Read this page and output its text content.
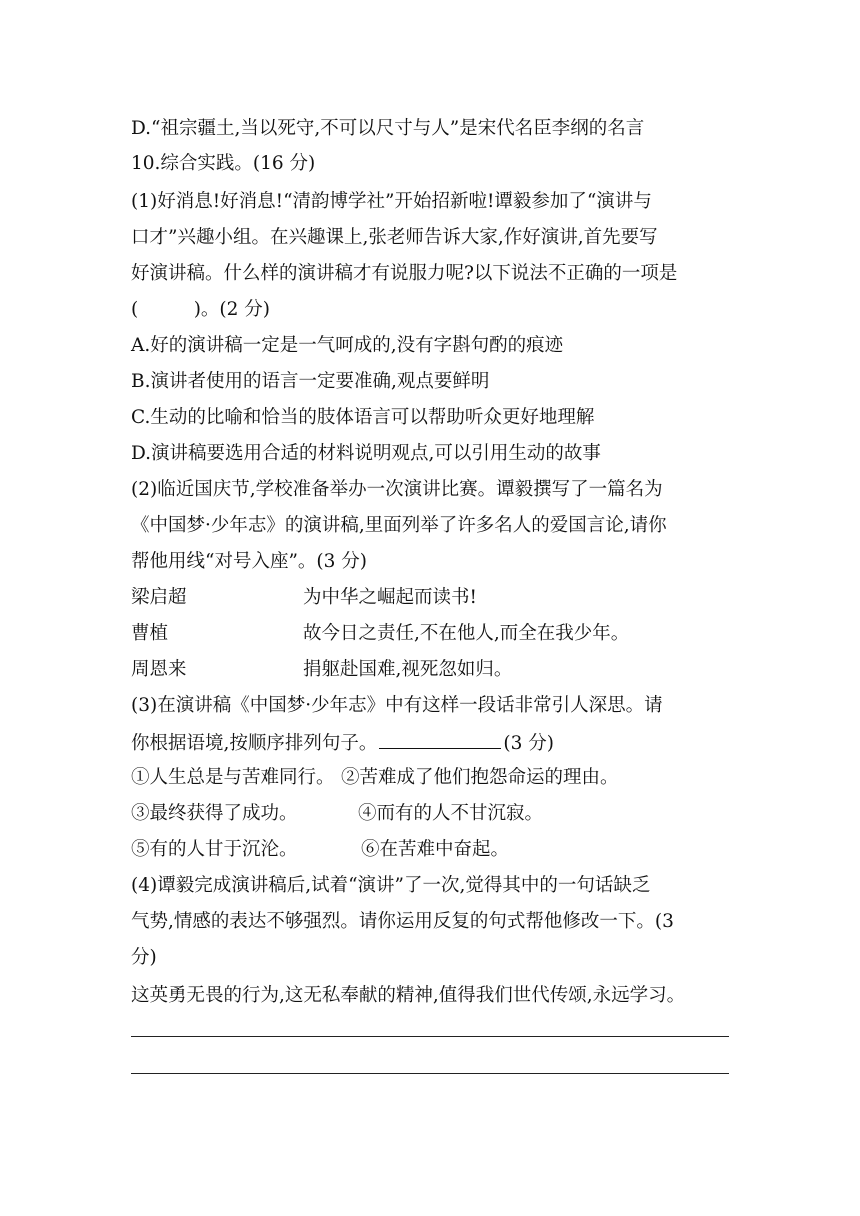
D.“祖宗疆土,当以死守,不可以尺寸与人”是宋代名臣李纲的名言
10.综合实践。(16 分)
(1)好消息!好消息!“清韵博学社”开始招新啦!谭毅参加了“演讲与
口才”兴趣小组。在兴趣课上,张老师告诉大家,作好演讲,首先要写
好演讲稿。什么样的演讲稿才有说服力呢?以下说法不正确的一项是
(　　　)。(2 分)
A.好的演讲稿一定是一气呵成的,没有字斟句酌的痕迹
B.演讲者使用的语言一定要准确,观点要鲜明
C.生动的比喻和恰当的肢体语言可以帮助听众更好地理解
D.演讲稿要选用合适的材料说明观点,可以引用生动的故事
(2)临近国庆节,学校准备举办一次演讲比赛。谭毅撰写了一篇名为
《中国梦·少年志》的演讲稿,里面列举了许多名人的爱国言论,请你
帮他用线“对号入座”。(3 分)
梁启超	为中华之崛起而读书!
曹植	故今日之责任,不在他人,而全在我少年。
周恩来	捐躯赴国难,视死忽如归。
(3)在演讲稿《中国梦·少年志》中有这样一段话非常引人深思。请
你根据语境,按顺序排列句子。	(3 分)
①人生总是与苦难同行。 ②苦难成了他们抱怨命运的理由。
③最终获得了成功。	④而有的人不甘沉寂。
⑤有的人甘于沉沦。	⑥在苦难中奋起。
(4)谭毅完成演讲稿后,试着“演讲”了一次,觉得其中的一句话缺乏
气势,情感的表达不够强烈。请你运用反复的句式帮他修改一下。(3
分)
这英勇无畏的行为,这无私奉献的精神,值得我们世代传颂,永远学习。
